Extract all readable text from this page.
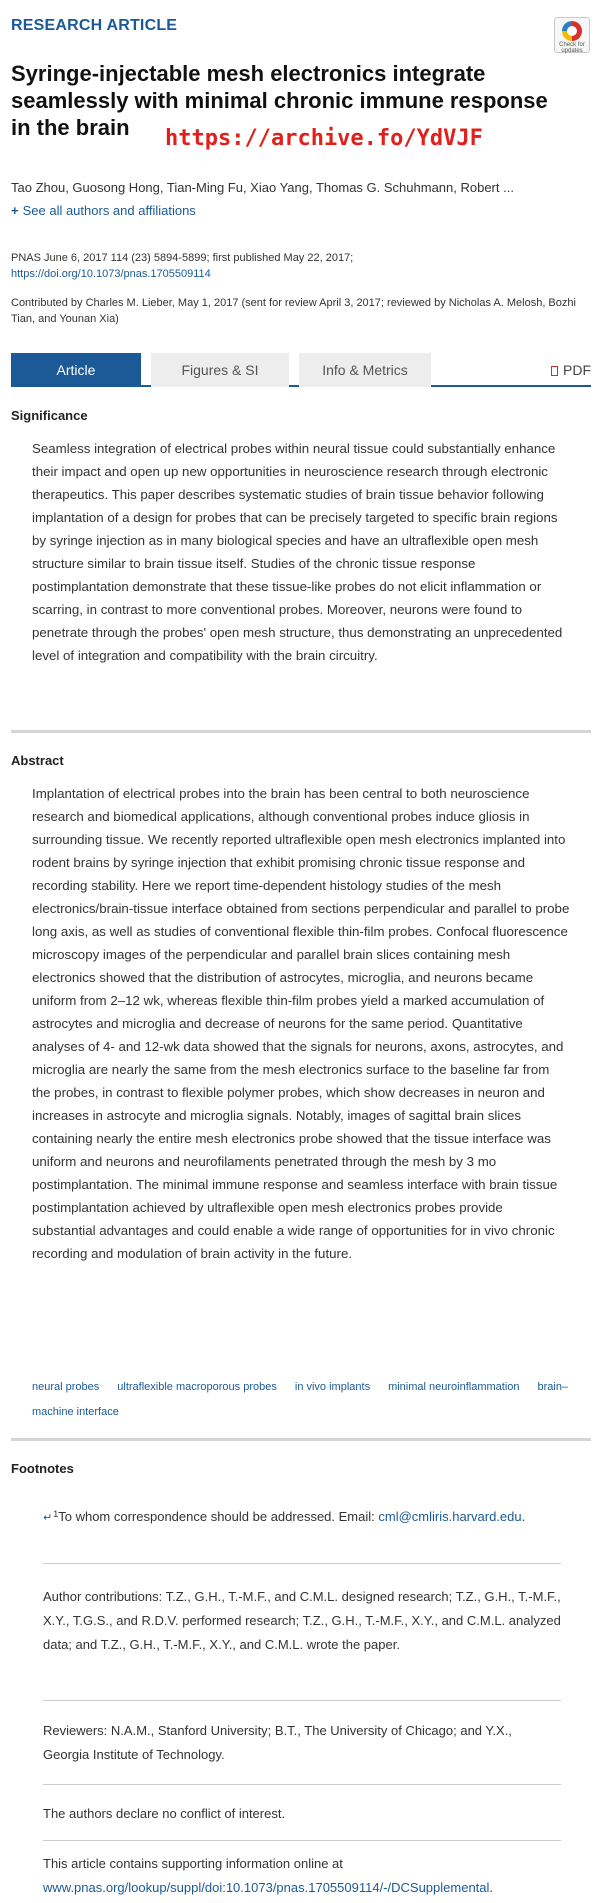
RESEARCH ARTICLE
Check for updates
Syringe-injectable mesh electronics integrate seamlessly with minimal chronic immune response in the brain	https://archive.fo/YdVJF
Tao Zhou, Guosong Hong, Tian-Ming Fu, Xiao Yang, Thomas G. Schuhmann, Robert ...
+ See all authors and affiliations
PNAS June 6, 2017 114 (23) 5894-5899; first published May 22, 2017;
https://doi.org/10.1073/pnas.1705509114
Contributed by Charles M. Lieber, May 1, 2017 (sent for review April 3, 2017; reviewed by Nicholas A. Melosh, Bozhi Tian, and Younan Xia)
Article	Figures & SI	Info & Metrics	PDF
Significance

Seamless integration of electrical probes within neural tissue could substantially enhance their impact and open up new opportunities in neuroscience research through electronic therapeutics. This paper describes systematic studies of brain tissue behavior following implantation of a design for probes that can be precisely targeted to specific brain regions by syringe injection as in many biological species and have an ultraflexible open mesh structure similar to brain tissue itself. Studies of the chronic tissue response postimplantation demonstrate that these tissue-like probes do not elicit inflammation or scarring, in contrast to more conventional probes. Moreover, neurons were found to penetrate through the probes' open mesh structure, thus demonstrating an unprecedented level of integration and compatibility with the brain circuitry.

Abstract

Implantation of electrical probes into the brain has been central to both neuroscience research and biomedical applications, although conventional probes induce gliosis in surrounding tissue. We recently reported ultraflexible open mesh electronics implanted into rodent brains by syringe injection that exhibit promising chronic tissue response and recording stability. Here we report time-dependent histology studies of the mesh electronics/brain-tissue interface obtained from sections perpendicular and parallel to probe long axis, as well as studies of conventional flexible thin-film probes. Confocal fluorescence microscopy images of the perpendicular and parallel brain slices containing mesh electronics showed that the distribution of astrocytes, microglia, and neurons became uniform from 2–12 wk, whereas flexible thin-film probes yield a marked accumulation of astrocytes and microglia and decrease of neurons for the same period. Quantitative analyses of 4- and 12-wk data showed that the signals for neurons, axons, astrocytes, and microglia are nearly the same from the mesh electronics surface to the baseline far from the probes, in contrast to flexible polymer probes, which show decreases in neuron and increases in astrocyte and microglia signals. Notably, images of sagittal brain slices containing nearly the entire mesh electronics probe showed that the tissue interface was uniform and neurons and neurofilaments penetrated through the mesh by 3 mo postimplantation. The minimal immune response and seamless interface with brain tissue postimplantation achieved by ultraflexible open mesh electronics probes provide substantial advantages and could enable a wide range of opportunities for in vivo chronic recording and modulation of brain activity in the future.

neural probes ultraflexible macroporous probes in vivo implants minimal neuroinflammation brain–machine interface
Footnotes
↵$^1$To whom correspondence should be addressed. Email: cml@cmliris.harvard.edu.
Author contributions: T.Z., G.H., T.-M.F., and C.M.L. designed research; T.Z., G.H., T.-M.F., X.Y., T.G.S., and R.D.V. performed research; T.Z., G.H., T.-M.F., X.Y., and C.M.L. analyzed data; and T.Z., G.H., T.-M.F., X.Y., and C.M.L. wrote the paper.
Reviewers: N.A.M., Stanford University; B.T., The University of Chicago; and Y.X., Georgia Institute of Technology.
The authors declare no conflict of interest.
This article contains supporting information online at www.pnas.org/lookup/suppl/doi:10.1073/pnas.1705509114/-/DCSupplemental.
